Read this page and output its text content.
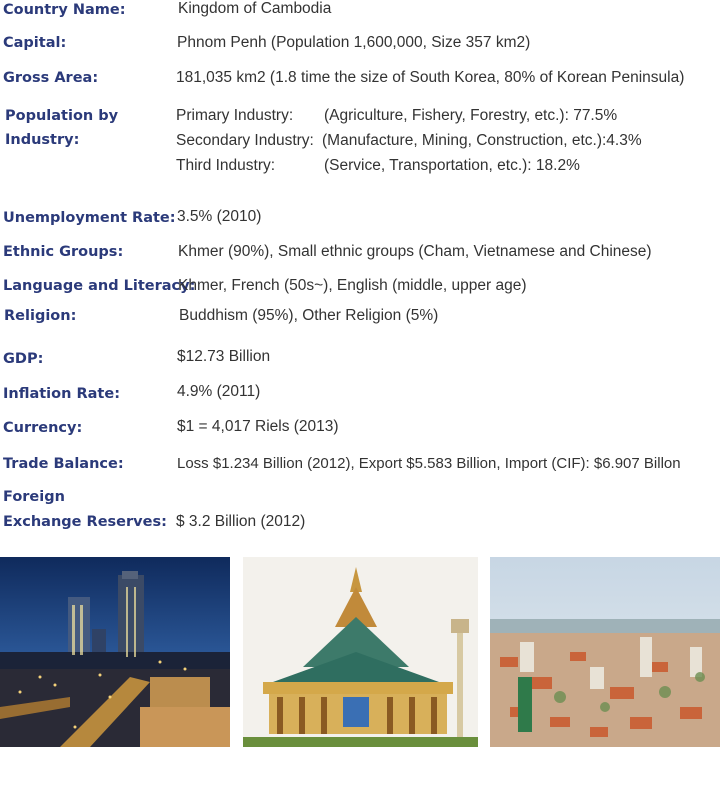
Country Name:	Kingdom of Cambodia
Capital:	Phnom Penh (Population 1,600,000, Size 357 km2)
Gross Area:	181,035 km2 (1.8 time the size of South Korea, 80% of Korean Peninsula)
Population by
Industry:
Primary Industry: (Agriculture, Fishery, Forestry, etc.): 77.5%
Secondary Industry: (Manufacture, Mining, Construction, etc.):4.3%
Third Industry:	(Service, Transportation, etc.): 18.2%
Unemployment Rate: 3.5% (2010)
Ethnic Groups:	Khmer (90%), Small ethnic groups (Cham, Vietnamese and Chinese)
Language and Literacy:
Khmer, French (50s~), English (middle, upper age)
Religion:	Buddhism (95%), Other Religion (5%)
GDP:	$12.73 Billion
Inflation Rate:	4.9% (2011)
Currency:	$1 = 4,017 Riels (2013)
Trade Balance:	Loss $1.234 Billion (2012), Export $5.583 Billion, Import (CIF): $6.907 Billon
Foreign
Exchange Reserves: $ 3.2 Billion (2012)
